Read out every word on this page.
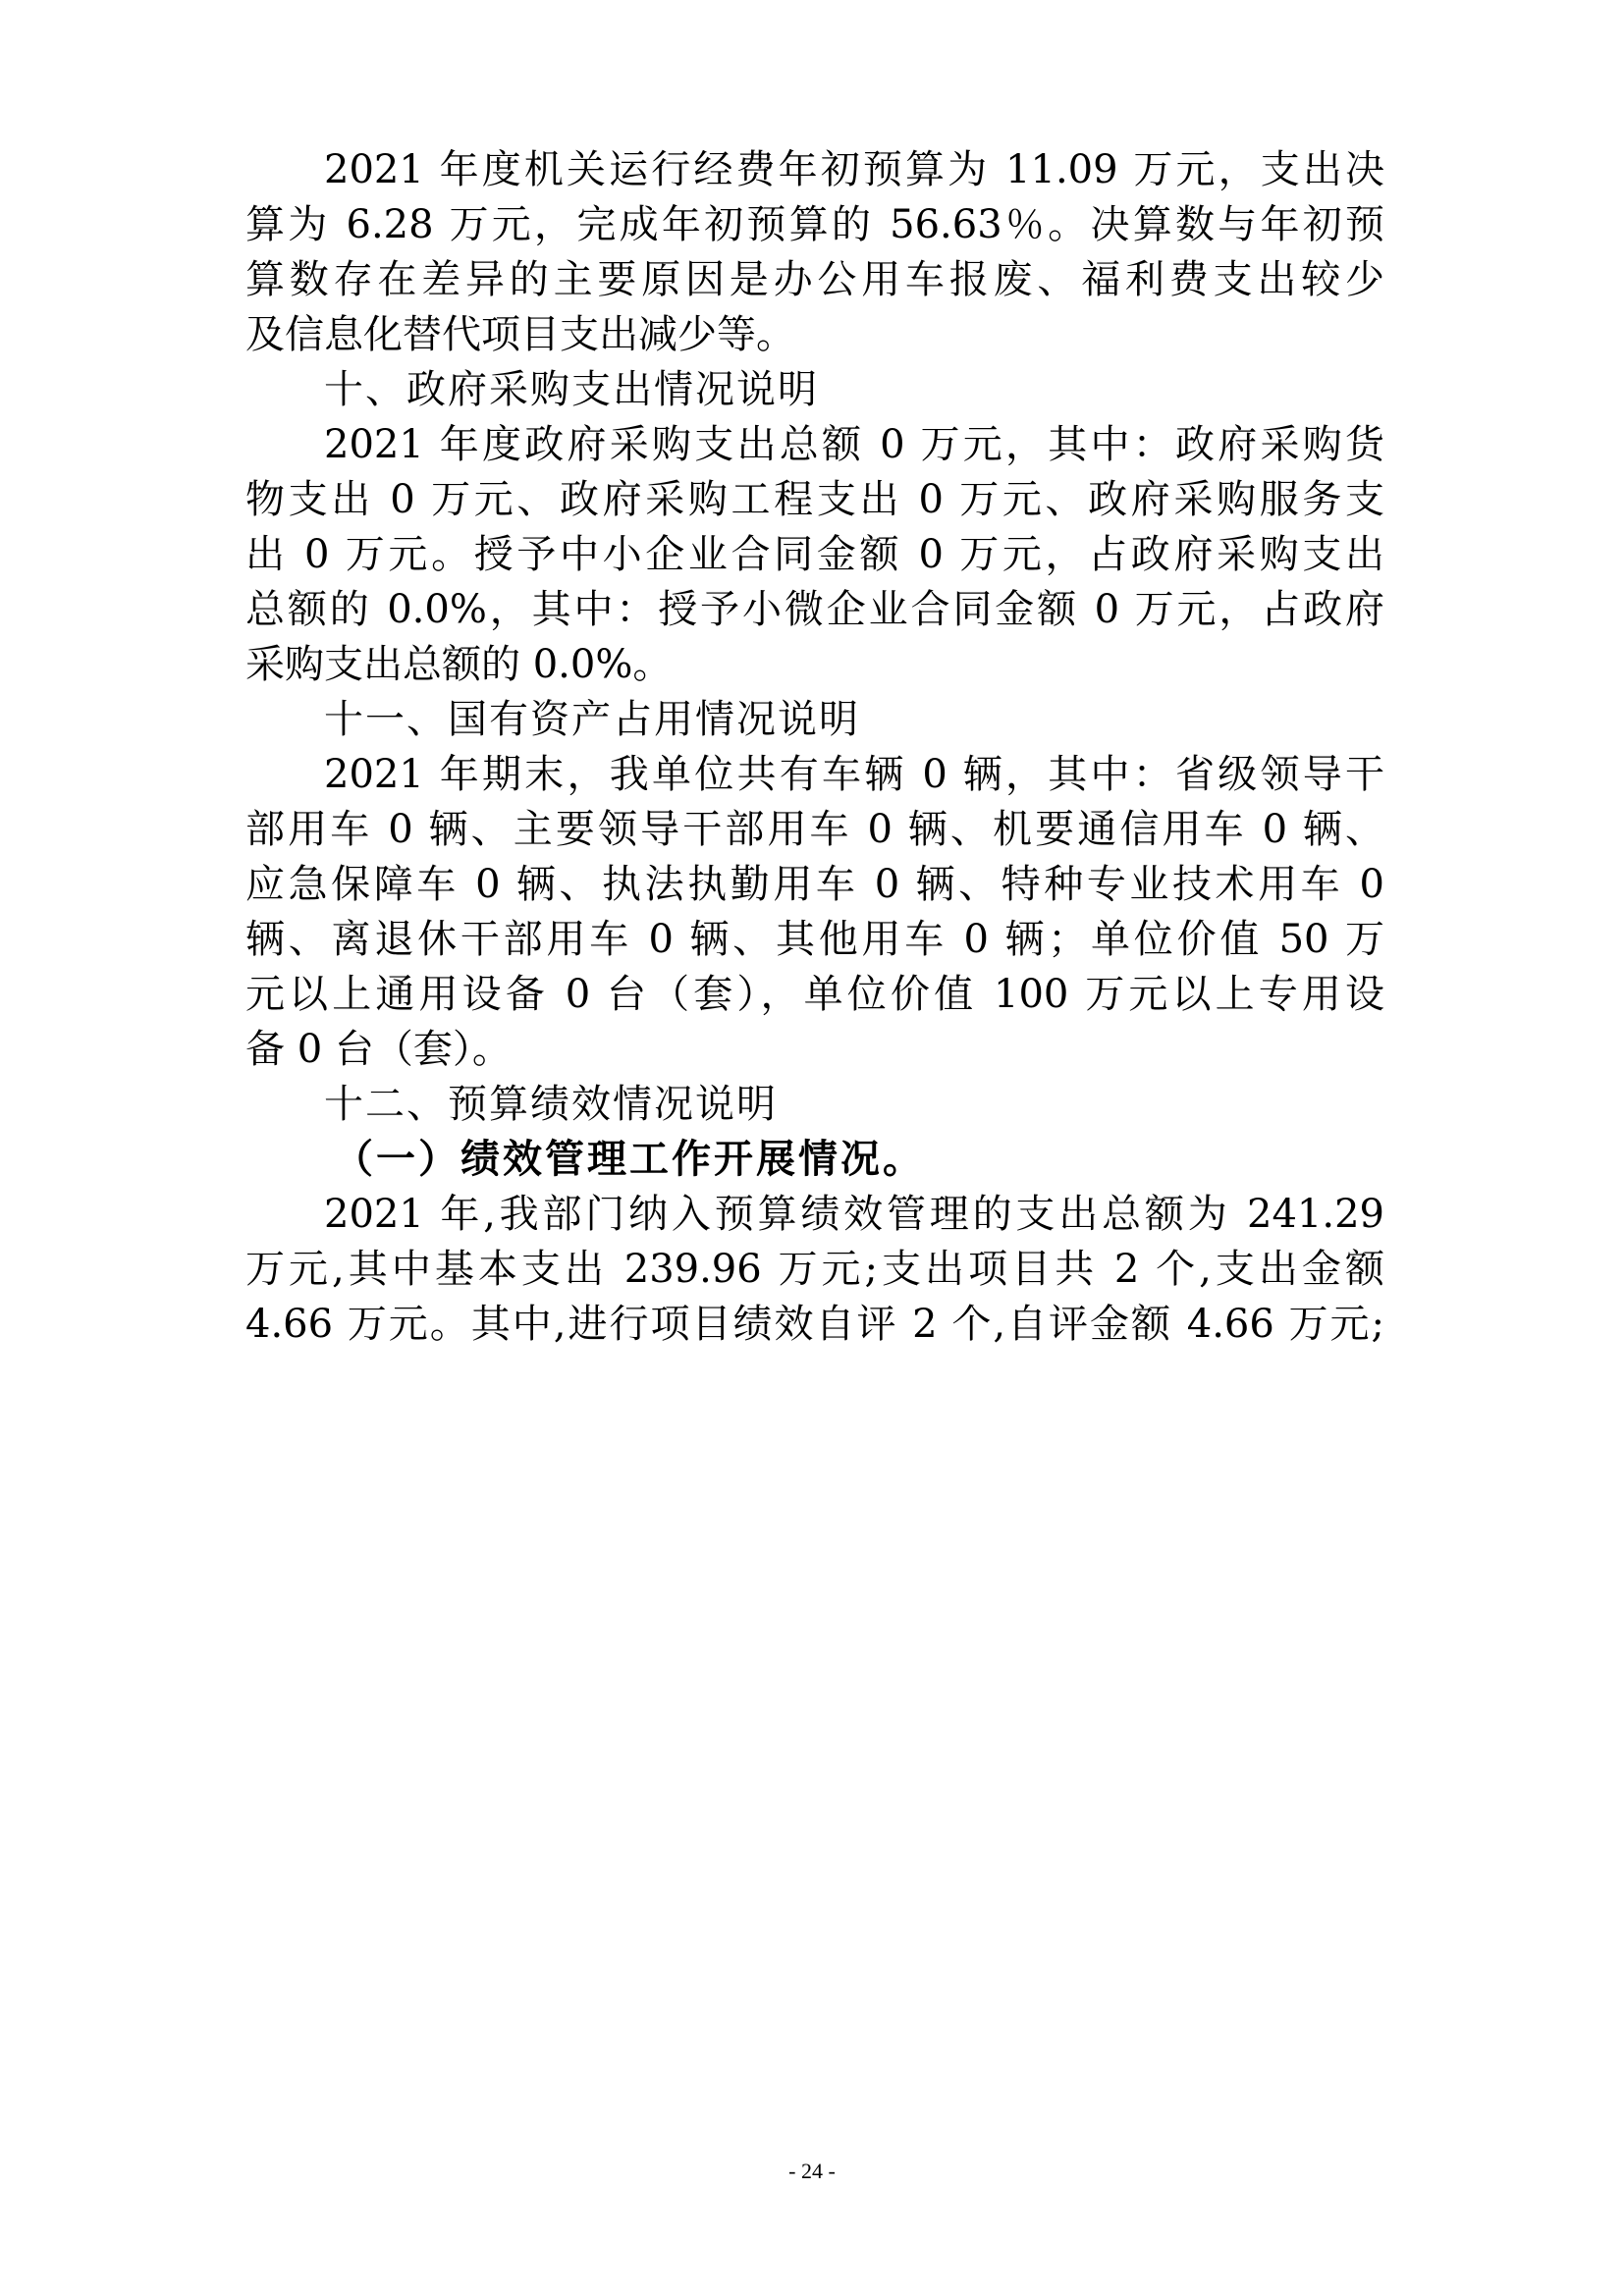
2021 年度机关运行经费年初预算为 11.09 万元，支出决
算为 6.28 万元，完成年初预算的 56.63％。决算数与年初预
算数存在差异的主要原因是办公用车报废、福利费支出较少
及信息化替代项目支出减少等。
十、政府采购支出情况说明
2021 年度政府采购支出总额 0 万元，其中：政府采购货
物支出 0 万元、政府采购工程支出 0 万元、政府采购服务支
出 0 万元。授予中小企业合同金额 0 万元，占政府采购支出
总额的 0.0%，其中：授予小微企业合同金额 0 万元，占政府
采购支出总额的 0.0%。
十一、国有资产占用情况说明
2021 年期末，我单位共有车辆 0 辆，其中：省级领导干
部用车 0 辆、主要领导干部用车 0 辆、机要通信用车 0 辆、
应急保障车 0 辆、执法执勤用车 0 辆、特种专业技术用车 0
辆、离退休干部用车 0 辆、其他用车 0 辆；单位价值 50 万
元以上通用设备 0 台（套），单位价值 100 万元以上专用设
备 0 台（套）。
十二、预算绩效情况说明
（一）绩效管理工作开展情况。
2021 年,我部门纳入预算绩效管理的支出总额为 241.29
万元,其中基本支出 239.96 万元;支出项目共 2 个,支出金额
4.66 万元。其中,进行项目绩效自评 2 个,自评金额 4.66 万元;
- 24 -
